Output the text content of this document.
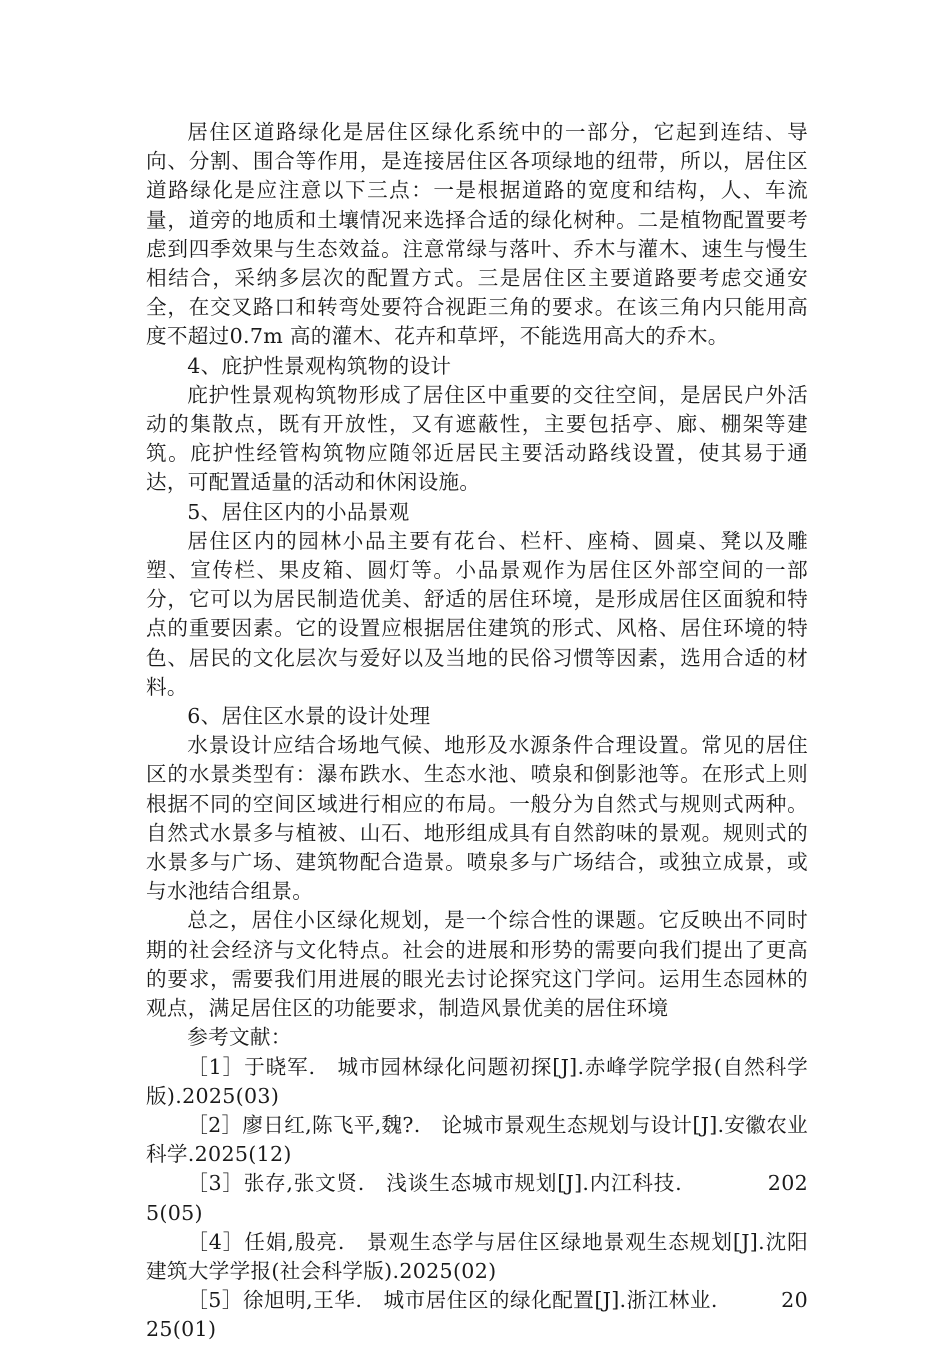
居住区道路绿化是居住区绿化系统中的一部分，它起到连结、导向、分割、围合等作用，是连接居住区各项绿地的纽带，所以，居住区道路绿化是应注意以下三点：一是根据道路的宽度和结构，人、车流量，道旁的地质和土壤情况来选择合适的绿化树种。二是植物配置要考虑到四季效果与生态效益。注意常绿与落叶、乔木与灌木、速生与慢生相结合，采纳多层次的配置方式。三是居住区主要道路要考虑交通安全，在交叉路口和转弯处要符合视距三角的要求。在该三角内只能用高度不超过0.7m 高的灌木、花卉和草坪，不能选用高大的乔木。

4、庇护性景观构筑物的设计

庇护性景观构筑物形成了居住区中重要的交往空间，是居民户外活动的集散点，既有开放性，又有遮蔽性，主要包括亭、廊、棚架等建筑。庇护性经管构筑物应随邻近居民主要活动路线设置，使其易于通达，可配置适量的活动和休闲设施。

5、居住区内的小品景观

居住区内的园林小品主要有花台、栏杆、座椅、圆桌、凳以及雕塑、宣传栏、果皮箱、圆灯等。小品景观作为居住区外部空间的一部分，它可以为居民制造优美、舒适的居住环境，是形成居住区面貌和特点的重要因素。它的设置应根据居住建筑的形式、风格、居住环境的特色、居民的文化层次与爱好以及当地的民俗习惯等因素，选用合适的材料。

6、居住区水景的设计处理

水景设计应结合场地气候、地形及水源条件合理设置。常见的居住区的水景类型有：瀑布跌水、生态水池、喷泉和倒影池等。在形式上则根据不同的空间区域进行相应的布局。一般分为自然式与规则式两种。自然式水景多与植被、山石、地形组成具有自然韵味的景观。规则式的水景多与广场、建筑物配合造景。喷泉多与广场结合，或独立成景，或与水池结合组景。

总之，居住小区绿化规划，是一个综合性的课题。它反映出不同时期的社会经济与文化特点。社会的进展和形势的需要向我们提出了更高的要求，需要我们用进展的眼光去讨论探究这门学问。运用生态园林的观点，满足居住区的功能要求，制造风景优美的居住环境

参考文献：

［1］于晓军.　城市园林绿化问题初探[J].赤峰学院学报(自然科学版).2025(03)

［2］廖日红,陈飞平,魏?.　论城市景观生态规划与设计[J].安徽农业科学.2025(12)

［3］张存,张文贤.　浅谈生态城市规划[J].内江科技.　　　　2025(05)

［4］任娟,殷亮.　景观生态学与居住区绿地景观生态规划[J].沈阳建筑大学学报(社会科学版).2025(02)

［5］徐旭明,王华.　城市居住区的绿化配置[J].浙江林业.　　　2025(01)
